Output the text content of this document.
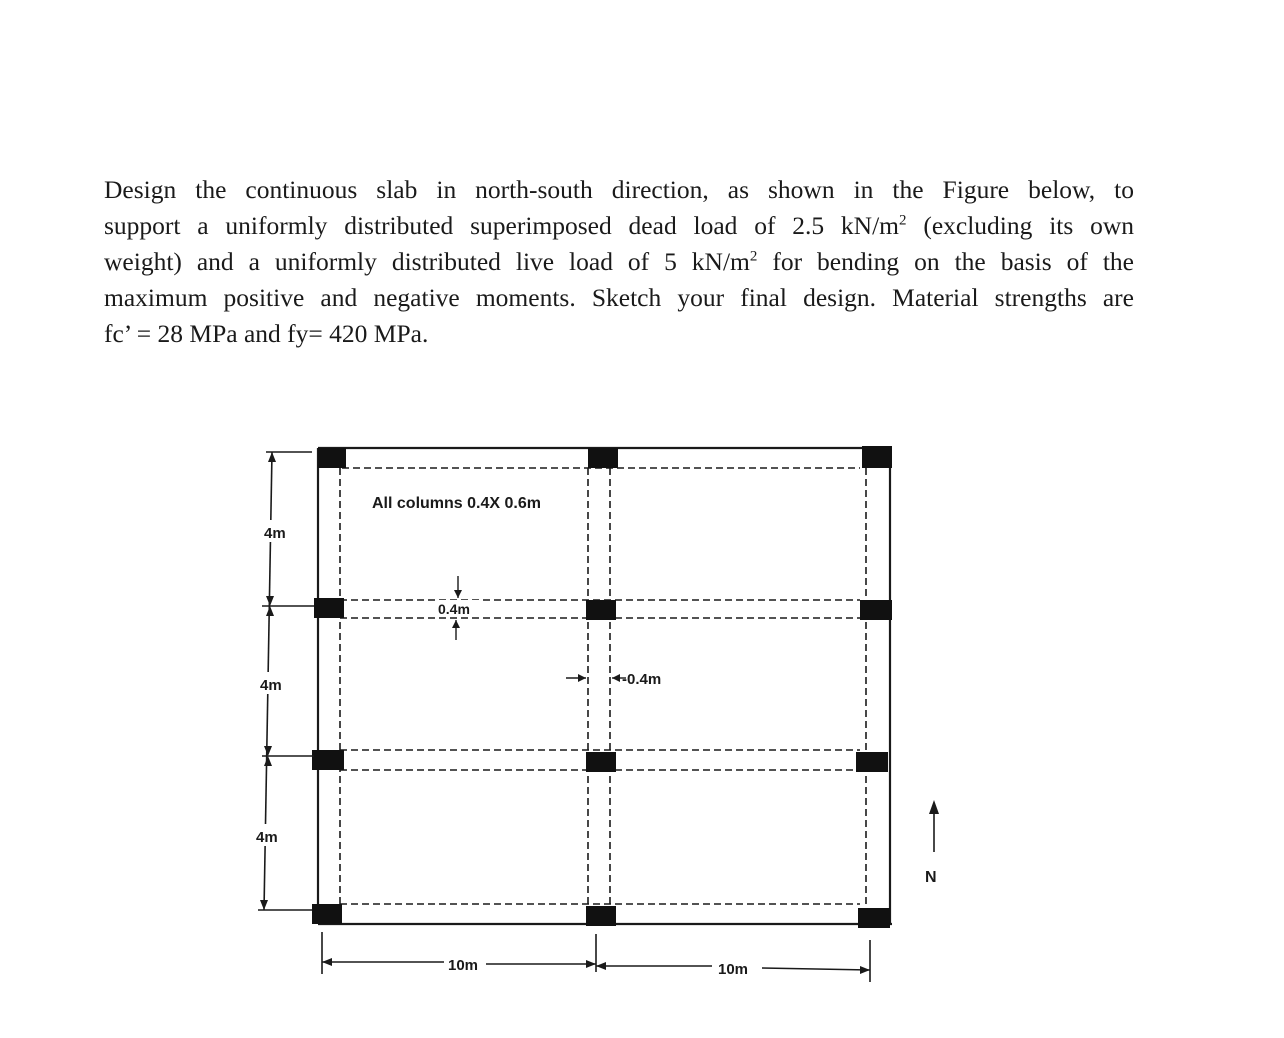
Design the continuous slab in north-south direction, as shown in the Figure below, to
support a uniformly distributed superimposed dead load of 2.5 $kN/m^2$ (excluding its own
weight) and a uniformly distributed live load of 5 $kN/m^2$ for bending on the basis of the
maximum positive and negative moments. Sketch your final design. Material strengths are
fc’ = 28 MPa and fy= 420 MPa.
4m
4m
4m
10m	10m
0.4m
-0.4m
All columns 0.4X 0.6m
N
